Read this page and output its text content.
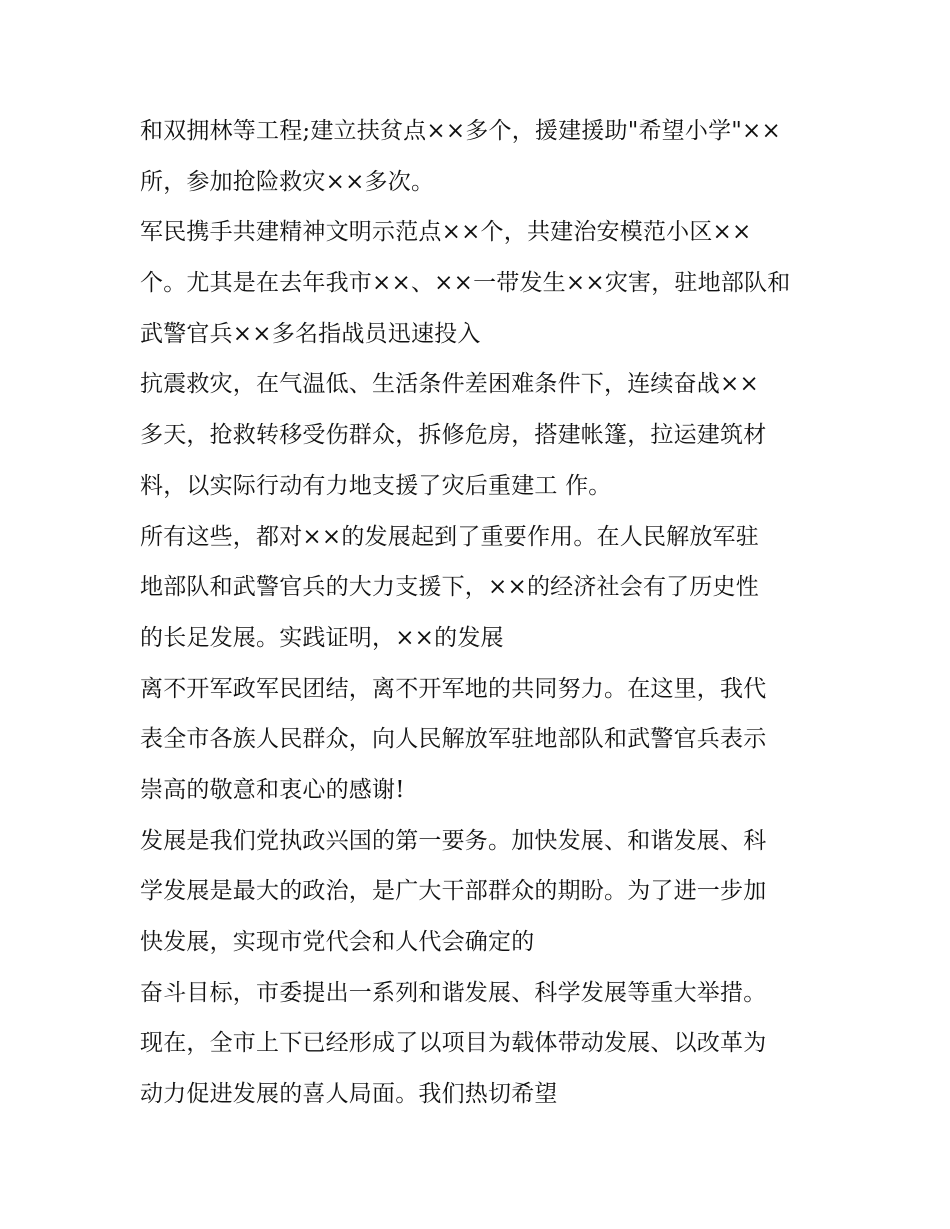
和双拥林等工程;建立扶贫点××多个，援建援助"希望小学"××
所，参加抢险救灾××多次。
军民携手共建精神文明示范点××个，共建治安模范小区××
个。尤其是在去年我市××、××一带发生××灾害，驻地部队和
武警官兵××多名指战员迅速投入
抗震救灾，在气温低、生活条件差困难条件下，连续奋战××
多天，抢救转移受伤群众，拆修危房，搭建帐篷，拉运建筑材
料，以实际行动有力地支援了灾后重建工 作。
所有这些，都对××的发展起到了重要作用。在人民解放军驻
地部队和武警官兵的大力支援下，××的经济社会有了历史性
的长足发展。实践证明，××的发展
离不开军政军民团结，离不开军地的共同努力。在这里，我代
表全市各族人民群众，向人民解放军驻地部队和武警官兵表示
崇高的敬意和衷心的感谢!
发展是我们党执政兴国的第一要务。加快发展、和谐发展、科
学发展是最大的政治，是广大干部群众的期盼。为了进一步加
快发展，实现市党代会和人代会确定的
奋斗目标，市委提出一系列和谐发展、科学发展等重大举措。
现在，全市上下已经形成了以项目为载体带动发展、以改革为
动力促进发展的喜人局面。我们热切希望
